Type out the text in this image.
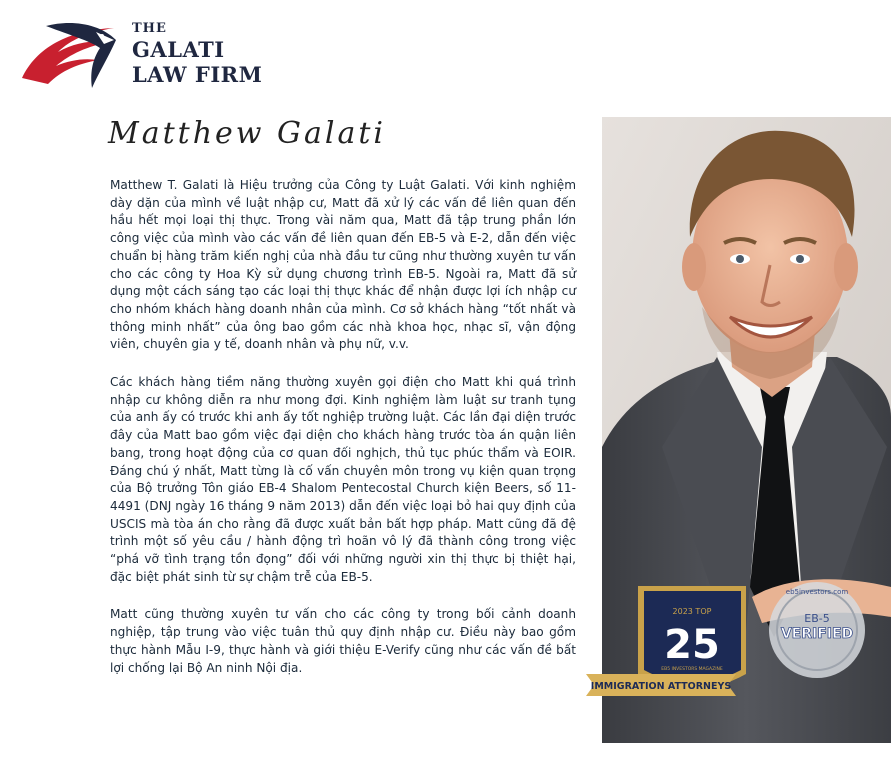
THE
GALATI
LAW FIRM
Matthew Galati

Matthew T. Galati là Hiệu trưởng của Công ty Luật Galati. Với kinh nghiệm dày dặn của mình về luật nhập cư, Matt đã xử lý các vấn đề liên quan đến hầu hết mọi loại thị thực. Trong vài năm qua, Matt đã tập trung phần lớn công việc của mình vào các vấn đề liên quan đến EB-5 và E-2, dẫn đến việc chuẩn bị hàng trăm kiến nghị của nhà đầu tư cũng như thường xuyên tư vấn cho các công ty Hoa Kỳ sử dụng chương trình EB-5. Ngoài ra, Matt đã sử dụng một cách sáng tạo các loại thị thực khác để nhận được lợi ích nhập cư cho nhóm khách hàng doanh nhân của mình. Cơ sở khách hàng “tốt nhất và thông minh nhất” của ông bao gồm các nhà khoa học, nhạc sĩ, vận động viên, chuyên gia y tế, doanh nhân và phụ nữ, v.v.

Các khách hàng tiềm năng thường xuyên gọi điện cho Matt khi quá trình nhập cư không diễn ra như mong đợi. Kinh nghiệm làm luật sư tranh tụng của anh ấy có trước khi anh ấy tốt nghiệp trường luật. Các lần đại diện trước đây của Matt bao gồm việc đại diện cho khách hàng trước tòa án quận liên bang, trong hoạt động của cơ quan đối nghịch, thủ tục phúc thẩm và EOIR. Đáng chú ý nhất, Matt từng là cố vấn chuyên môn trong vụ kiện quan trọng của Bộ trưởng Tôn giáo EB-4 Shalom Pentecostal Church kiện Beers, số 11-4491 (DNJ ngày 16 tháng 9 năm 2013) dẫn đến việc loại bỏ hai quy định của USCIS mà tòa án cho rằng đã được xuất bản bất hợp pháp. Matt cũng đã đệ trình một số yêu cầu / hành động trì hoãn vô lý đã thành công trong việc “phá vỡ tình trạng tồn đọng” đối với những người xin thị thực bị thiệt hại, đặc biệt phát sinh từ sự chậm trễ của EB-5.

Matt cũng thường xuyên tư vấn cho các công ty trong bối cảnh doanh nghiệp, tập trung vào việc tuân thủ quy định nhập cư. Điều này bao gồm thực hành Mẫu I-9, thực hành và giới thiệu E-Verify cũng như các vấn đề bất lợi chống lại Bộ An ninh Nội địa.

2023 TOP
25
EB5 INVESTORS MAGAZINE
IMMIGRATION ATTORNEYS
eb5investors.com
EB-5
VERIFIED
